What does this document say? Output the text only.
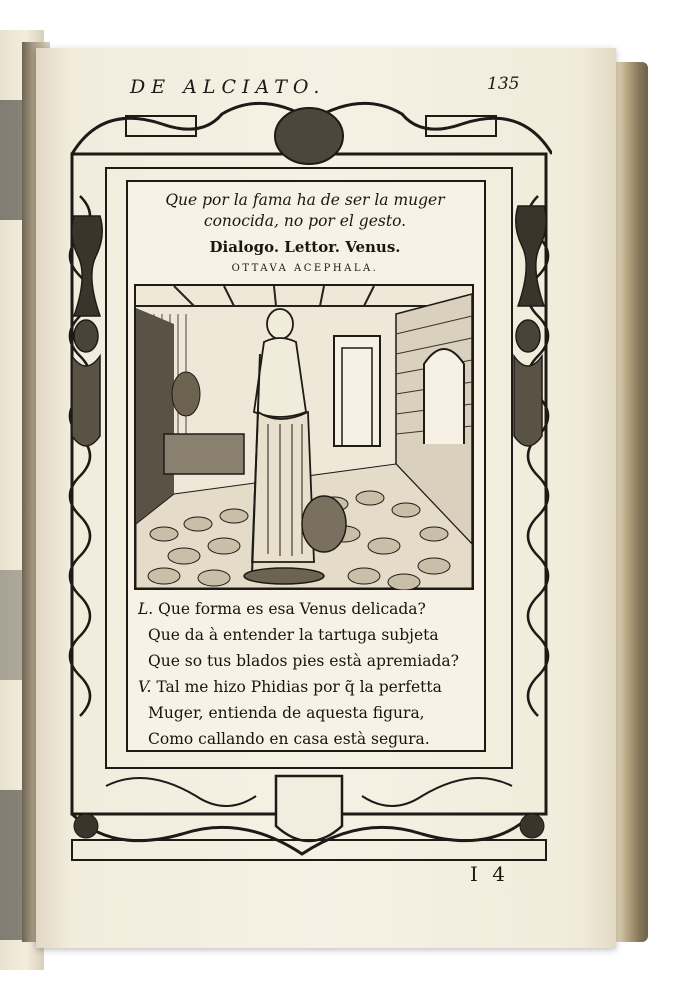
DE ALCIATO.	135
Que por la fama ha de ser la muger
conocida, no por el gesto.
Dialogo. Lettor. Venus.
OTTAVA ACEPHALA.
L. Que forma es esa Venus delicada?
Que da à entender la tartuga subjeta
Que so tus blados pies està apremiada?
V. Tal me hizo Phidias por q̃ la perfetta
Muger, entienda de aquesta figura,
Como callando en casa està segura.
I 4
